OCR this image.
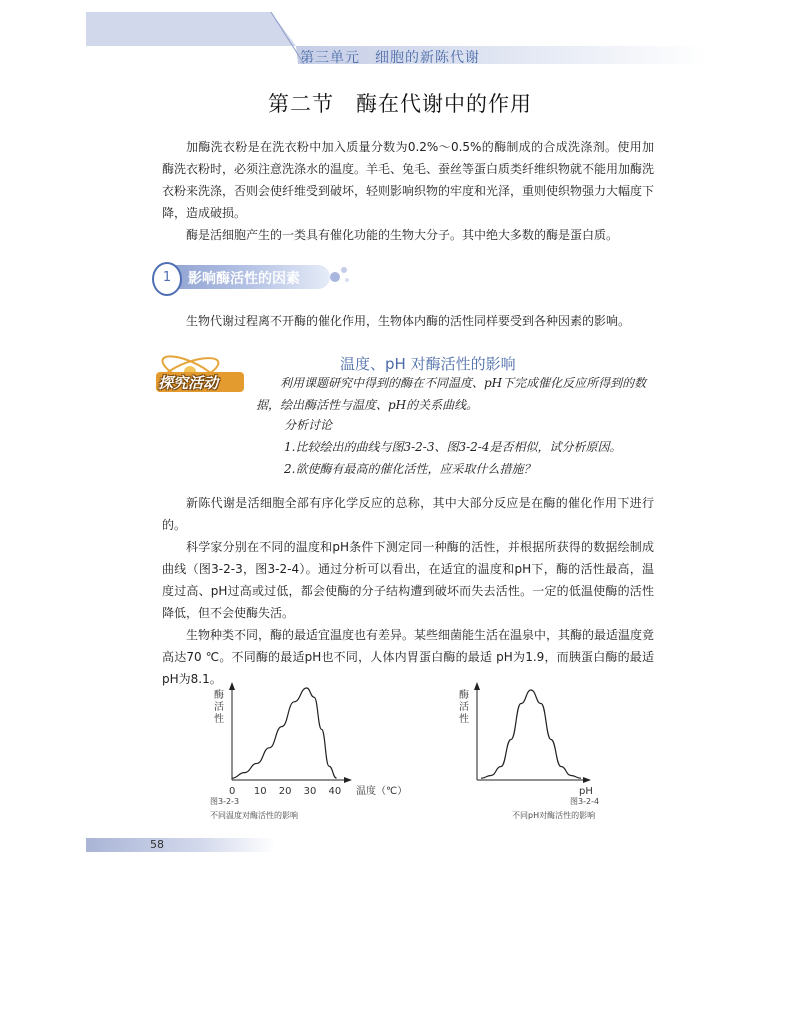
第三单元　细胞的新陈代谢
第二节　酶在代谢中的作用
加酶洗衣粉是在洗衣粉中加入质量分数为0.2%～0.5%的酶制成的合成洗涤剂。使用加酶洗衣粉时，必须注意洗涤水的温度。羊毛、兔毛、蚕丝等蛋白质类纤维织物就不能用加酶洗衣粉来洗涤，否则会使纤维受到破坏，轻则影响织物的牢度和光泽，重则使织物强力大幅度下降，造成破损。
酶是活细胞产生的一类具有催化功能的生物大分子。其中绝大多数的酶是蛋白质。
1	影响酶活性的因素
生物代谢过程离不开酶的催化作用，生物体内酶的活性同样要受到各种因素的影响。
探究活动
温度、pH 对酶活性的影响
利用课题研究中得到的酶在不同温度、pH下完成催化反应所得到的数据，绘出酶活性与温度、pH的关系曲线。
分析讨论
1.比较绘出的曲线与图3-2-3、图3-2-4是否相似，试分析原因。
2.欲使酶有最高的催化活性，应采取什么措施？
新陈代谢是活细胞全部有序化学反应的总称，其中大部分反应是在酶的催化作用下进行的。
科学家分别在不同的温度和pH条件下测定同一种酶的活性，并根据所获得的数据绘制成曲线（图3-2-3，图3-2-4）。通过分析可以看出，在适宜的温度和pH下，酶的活性最高，温度过高、pH过高或过低，都会使酶的分子结构遭到破坏而失去活性。一定的低温使酶的活性降低，但不会使酶失活。
生物种类不同，酶的最适宜温度也有差异。某些细菌能生活在温泉中，其酶的最适温度竟高达70 ℃。不同酶的最适pH也不同，人体内胃蛋白酶的最适 pH为1.9，而胰蛋白酶的最适pH为8.1。
酶
活
性
0 10 20 30 40 温度（℃）
图3-2-3
不同温度对酶活性的影响
酶
活
性
pH
图3-2-4
不同pH对酶活性的影响
58
